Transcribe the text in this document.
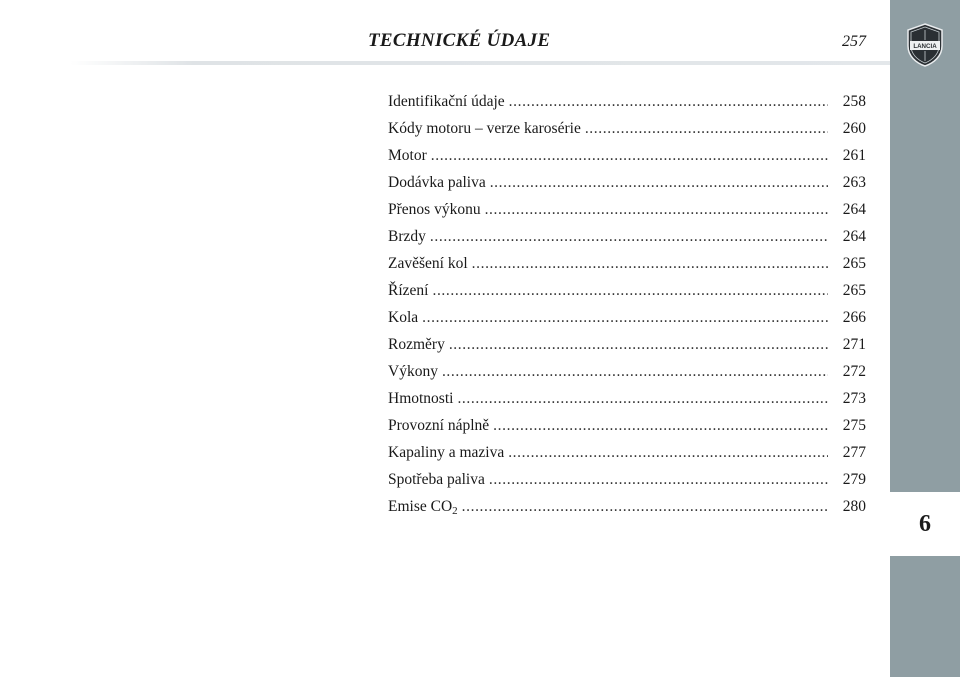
TECHNICKÉ ÚDAJE	257	LANCIA
6
Identifikační údaje .....	258
Kódy motoru – verze karosérie .....	260
Motor .....	261
Dodávka paliva .....	263
Přenos výkonu .....	264
Brzdy .....	264
Zavěšení kol .....	265
Řízení .....	265
Kola .....	266
Rozměry .....	271
Výkony .....	272
Hmotnosti .....	273
Provozní náplně .....	275
Kapaliny a maziva .....	277
Spotřeba paliva .....	279
Emise $CO_2$ .....	280
